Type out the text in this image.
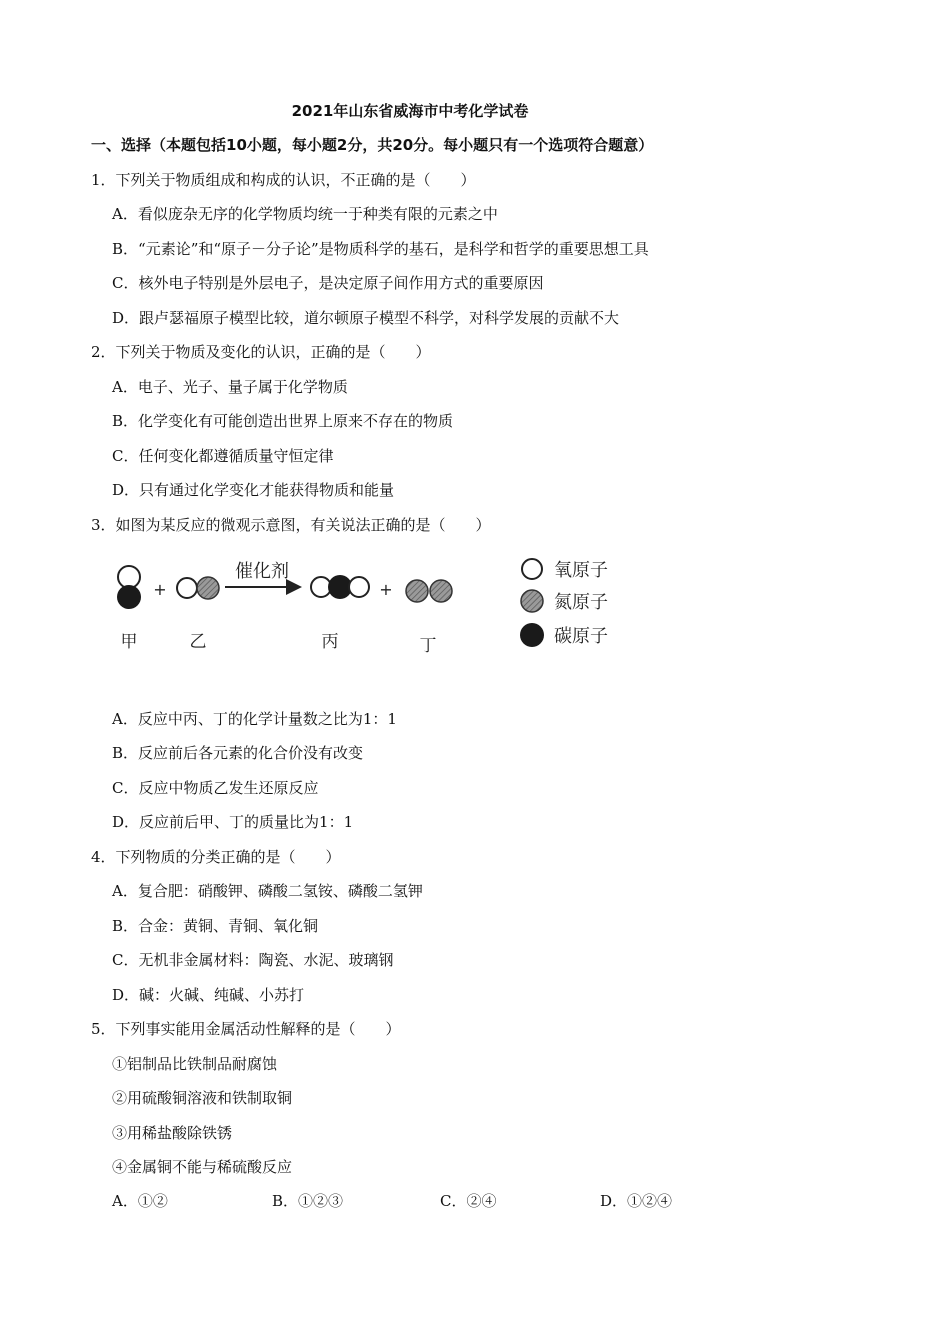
2021年山东省威海市中考化学试卷
一、选择（本题包括10小题，每小题2分，共20分。每小题只有一个选项符合题意）
1．下列关于物质组成和构成的认识，不正确的是（　　）
A．看似庞杂无序的化学物质均统一于种类有限的元素之中
B．“元素论”和“原子－分子论”是物质科学的基石，是科学和哲学的重要思想工具
C．核外电子特别是外层电子，是决定原子间作用方式的重要原因
D．跟卢瑟福原子模型比较，道尔顿原子模型不科学，对科学发展的贡献不大
2．下列关于物质及变化的认识，正确的是（　　）
A．电子、光子、量子属于化学物质
B．化学变化有可能创造出世界上原来不存在的物质
C．任何变化都遵循质量守恒定律
D．只有通过化学变化才能获得物质和能量
3．如图为某反应的微观示意图，有关说法正确的是（　　）
+
催化剂
+
甲	乙	丙	丁
氧原子
氮原子
碳原子
A．反应中丙、丁的化学计量数之比为1：1
B．反应前后各元素的化合价没有改变
C．反应中物质乙发生还原反应
D．反应前后甲、丁的质量比为1：1
4．下列物质的分类正确的是（　　）
A．复合肥：硝酸钾、磷酸二氢铵、磷酸二氢钾
B．合金：黄铜、青铜、氧化铜
C．无机非金属材料：陶瓷、水泥、玻璃钢
D．碱：火碱、纯碱、小苏打
5．下列事实能用金属活动性解释的是（　　）
①铝制品比铁制品耐腐蚀
②用硫酸铜溶液和铁制取铜
③用稀盐酸除铁锈
④金属铜不能与稀硫酸反应
A．①②	B．①②③	C．②④	D．①②④
